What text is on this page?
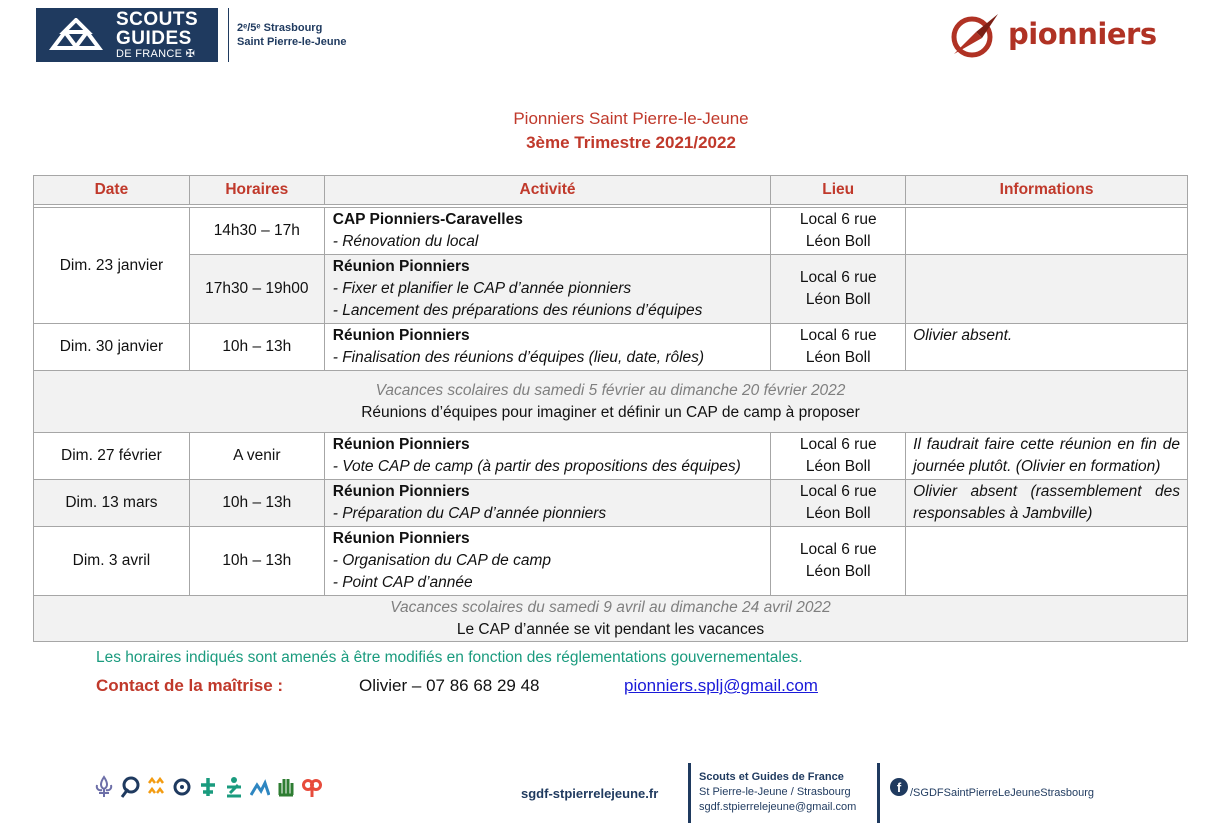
SCOUTS
GUIDES
DE FRANCE ✠
2ᵉ/5ᵉ Strasbourg
Saint Pierre-le-Jeune	pionniers
Pionniers Saint Pierre-le-Jeune
3ème Trimestre 2021/2022
Date	Horaires	Activité	Lieu	Informations

Dim. 23 janvier	14h30 – 17h	CAP Pionniers-Caravelles
- Rénovation du local	Local 6 rue
Léon Boll	

	17h30 – 19h00	Réunion Pionniers
- Fixer et planifier le CAP d’année pionniers
- Lancement des préparations des réunions d’équipes	Local 6 rue
Léon Boll	

Dim. 30 janvier	10h – 13h	Réunion Pionniers
- Finalisation des réunions d’équipes (lieu, date, rôles)	Local 6 rue
Léon Boll	Olivier absent.

Vacances scolaires du samedi 5 février au dimanche 20 février 2022
Réunions d’équipes pour imaginer et définir un CAP de camp à proposer				

Dim. 27 février	A venir	Réunion Pionniers
- Vote CAP de camp (à partir des propositions des équipes)	Local 6 rue
Léon Boll	Il faudrait faire cette réunion en fin de journée plutôt. (Olivier en formation)
Dim. 13 mars	10h – 13h	Réunion Pionniers
- Préparation du CAP d’année pionniers	Local 6 rue
Léon Boll	Olivier absent (rassemblement des responsables à Jambville)
Dim. 3 avril	10h – 13h	Réunion Pionniers
- Organisation du CAP de camp
- Point CAP d’année	Local 6 rue
Léon Boll	

Vacances scolaires du samedi 9 avril au dimanche 24 avril 2022
Le CAP d’année se vit pendant les vacances				
Les horaires indiqués sont amenés à être modifiés en fonction des réglementations gouvernementales.
Contact de la maîtrise :	Olivier – 07 86 68 29 48	pionniers.splj@gmail.com
sgdf-stpierrelejeune.fr
Scouts et Guides de France
St Pierre-le-Jeune / Strasbourg
sgdf.stpierrelejeune@gmail.com
f /SGDFSaintPierreLeJeuneStrasbourg
